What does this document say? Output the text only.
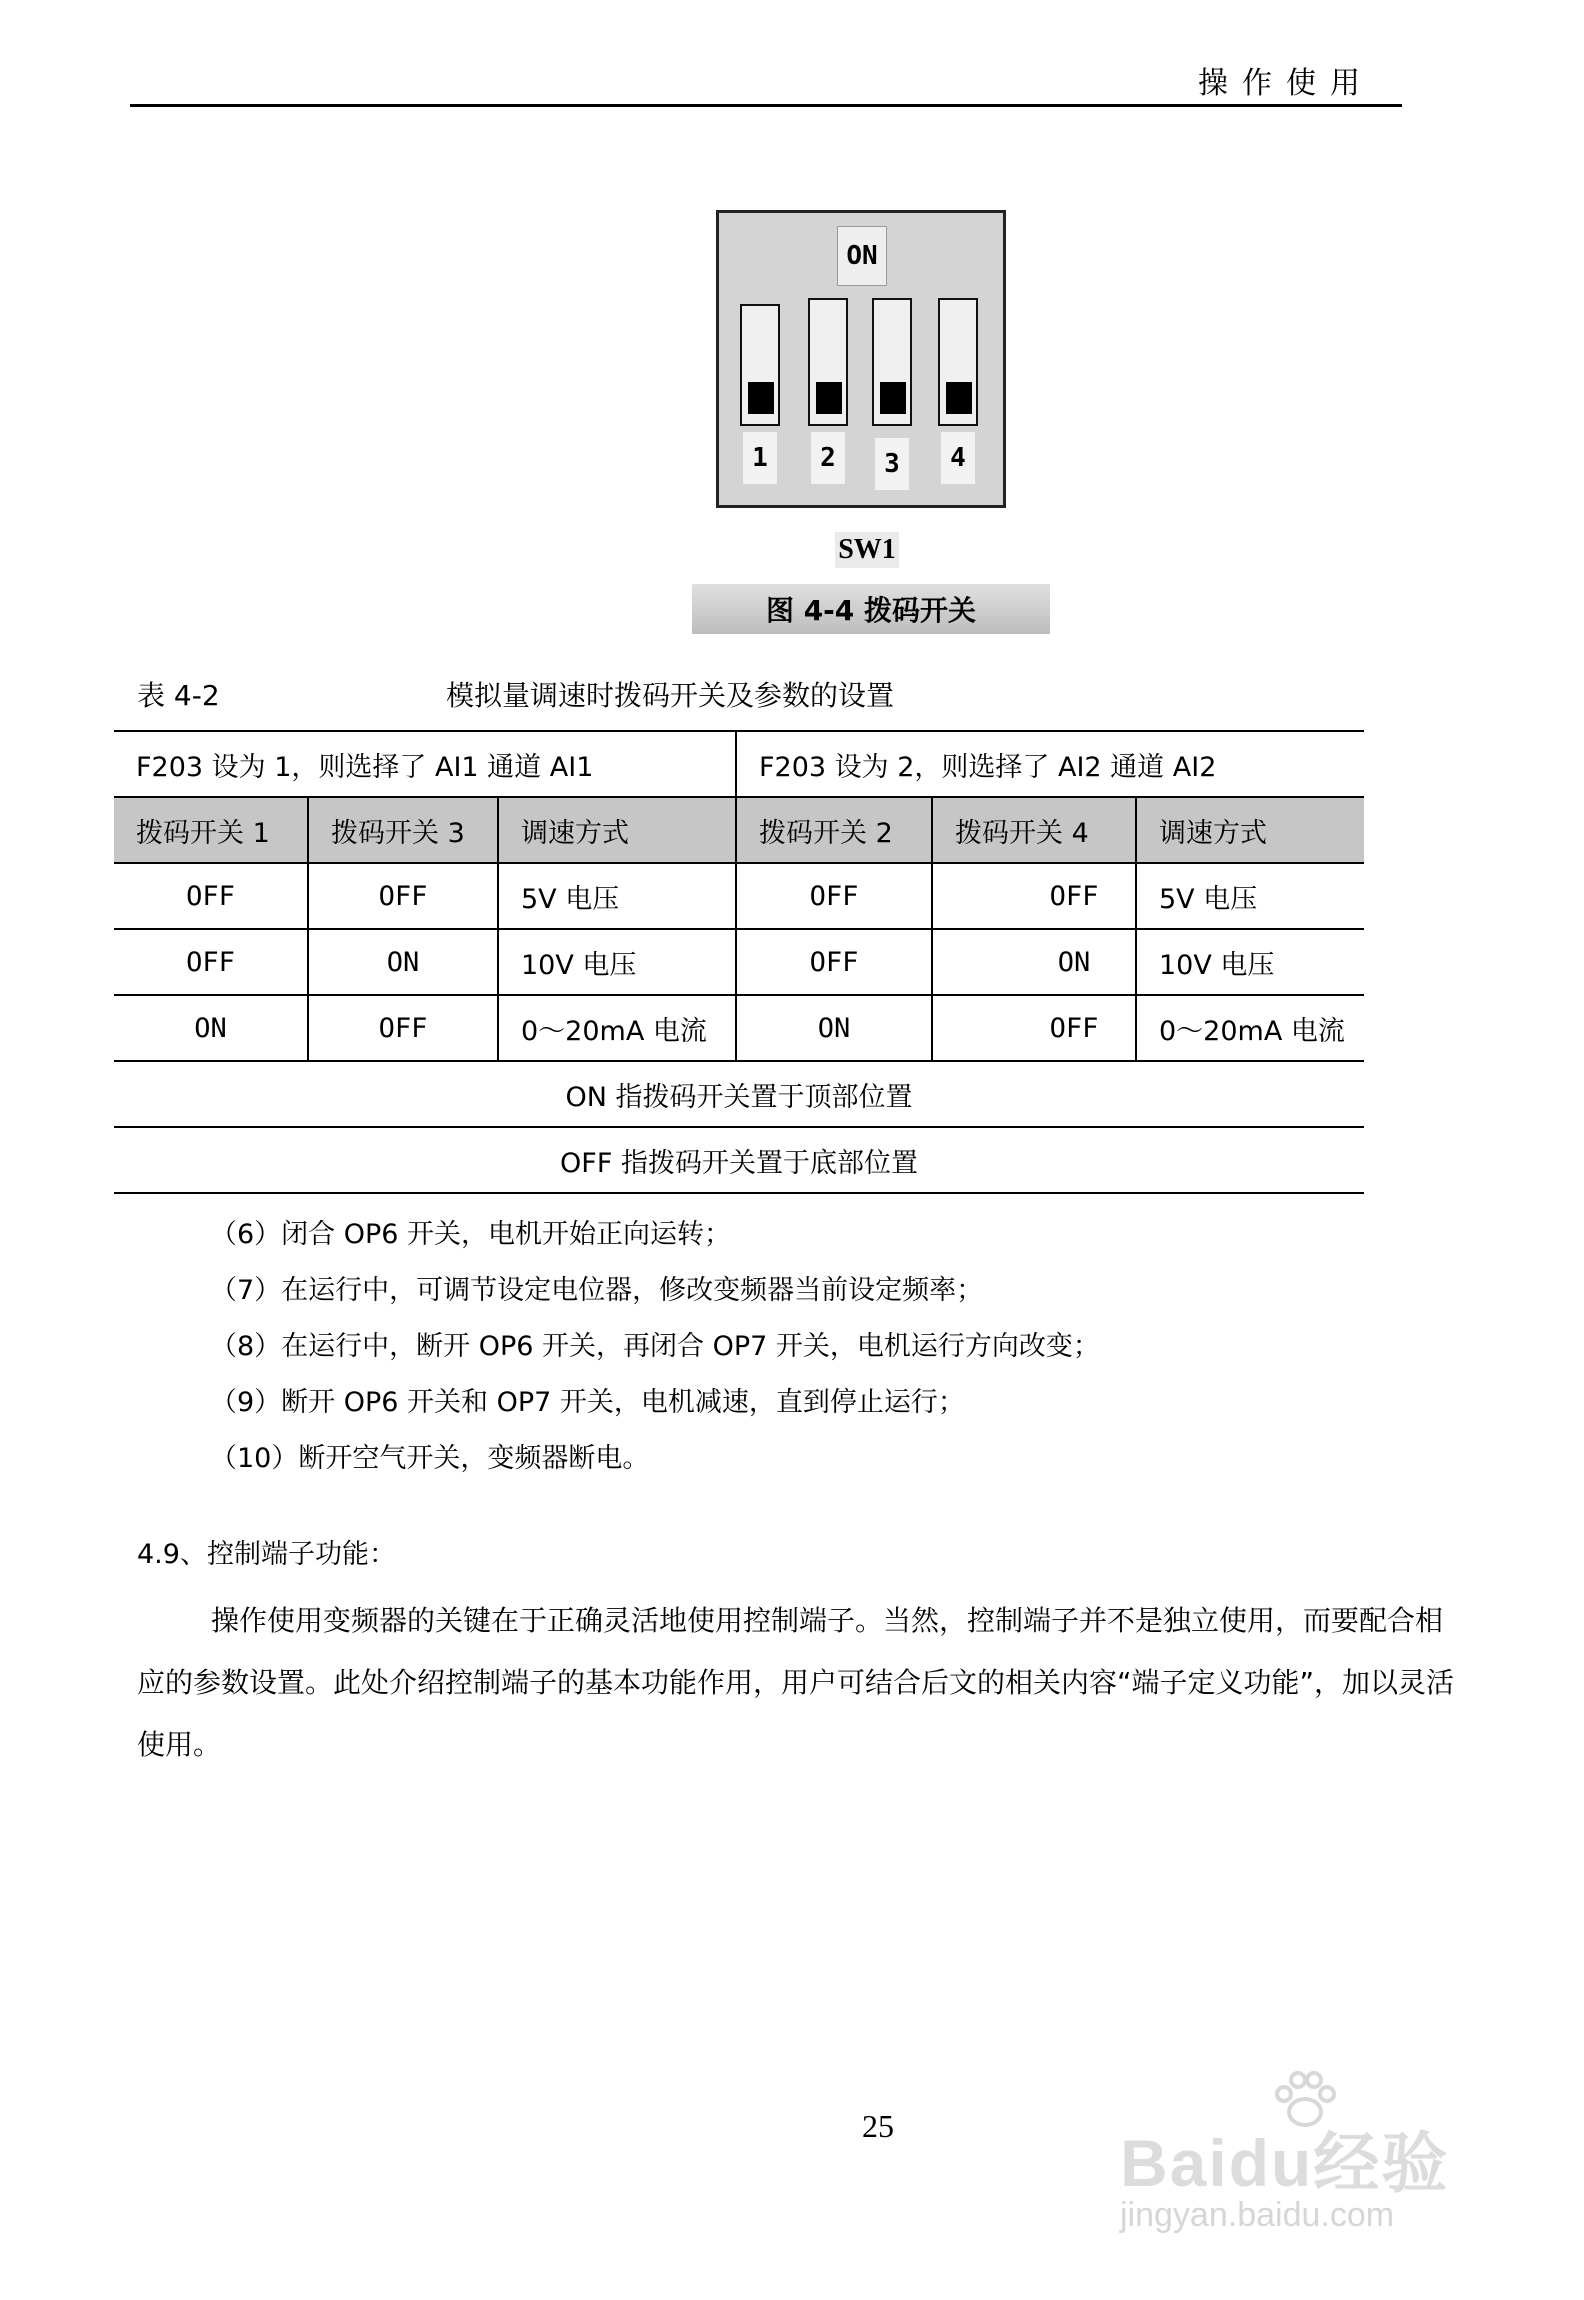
操作使用
ON
1	2	3	4
SW1
图 4-4 拨码开关
表 4-2	模拟量调速时拨码开关及参数的设置
F203 设为 1，则选择了 AI1 通道 AI1			F203 设为 2，则选择了 AI2 通道 AI2		
拨码开关 1	拨码开关 3	调速方式	拨码开关 2	拨码开关 4	调速方式
OFF	OFF	5V 电压	OFF	OFF	5V 电压
OFF	ON	10V 电压	OFF	ON	10V 电压
ON	OFF	0～20mA 电流	ON	OFF	0～20mA 电流
ON 指拨码开关置于顶部位置					
OFF 指拨码开关置于底部位置					
（6）闭合 OP6 开关，电机开始正向运转；
（7）在运行中，可调节设定电位器，修改变频器当前设定频率；
（8）在运行中，断开 OP6 开关，再闭合 OP7 开关，电机运行方向改变；
（9）断开 OP6 开关和 OP7 开关，电机减速，直到停止运行；
（10）断开空气开关，变频器断电。
4.9、控制端子功能：
操作使用变频器的关键在于正确灵活地使用控制端子。当然，控制端子并不是独立使用，而要配合相应的参数设置。此处介绍控制端子的基本功能作用，用户可结合后文的相关内容“端子定义功能”，加以灵活使用。
25	Baidu经验
jingyan.baidu.com
